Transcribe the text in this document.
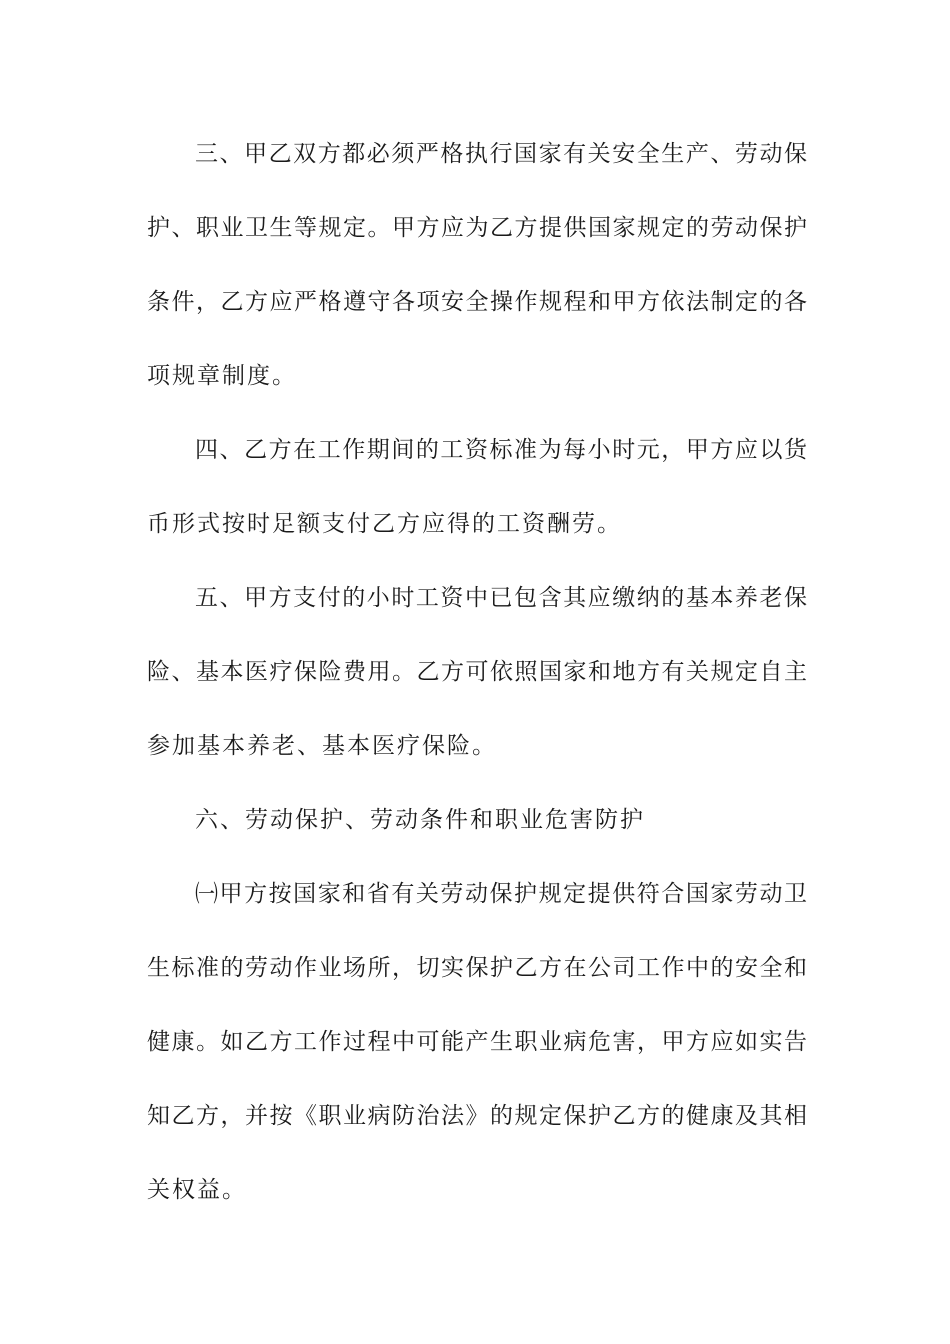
三、甲乙双方都必须严格执行国家有关安全生产、劳动保
护、职业卫生等规定。甲方应为乙方提供国家规定的劳动保护
条件，乙方应严格遵守各项安全操作规程和甲方依法制定的各
项规章制度。
四、乙方在工作期间的工资标准为每小时元，甲方应以货
币形式按时足额支付乙方应得的工资酬劳。
五、甲方支付的小时工资中已包含其应缴纳的基本养老保
险、基本医疗保险费用。乙方可依照国家和地方有关规定自主
参加基本养老、基本医疗保险。
六、劳动保护、劳动条件和职业危害防护
㈠甲方按国家和省有关劳动保护规定提供符合国家劳动卫
生标准的劳动作业场所，切实保护乙方在公司工作中的安全和
健康。如乙方工作过程中可能产生职业病危害，甲方应如实告
知乙方，并按《职业病防治法》的规定保护乙方的健康及其相
关权益。
